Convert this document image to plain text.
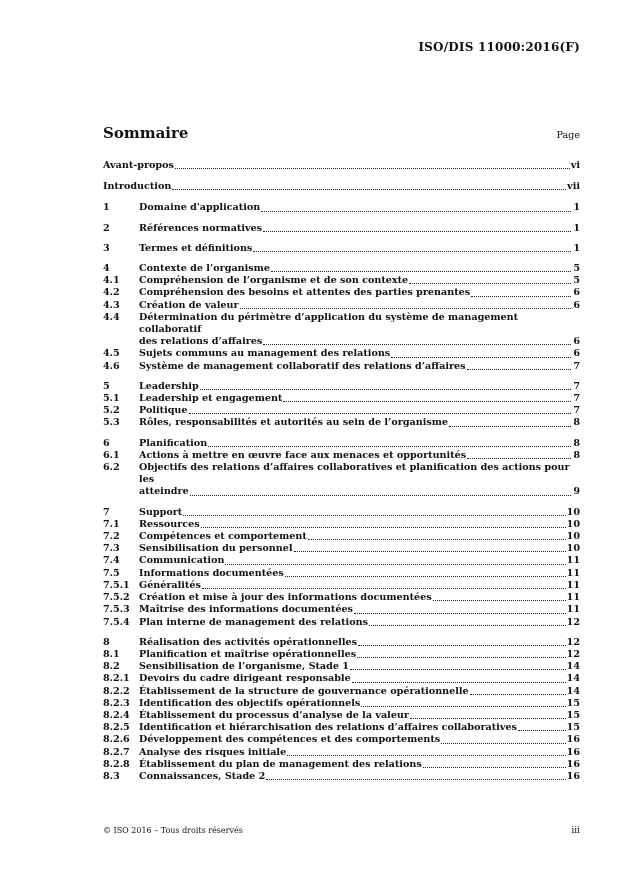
ISO/DIS 11000:2016(F)
Sommaire	Page
Avant-propos	vi
Introduction	vii
1	Domaine d'application	1
2	Références normatives	1
3	Termes et définitions	1
4	Contexte de l’organisme	5
4.1 Compréhension de l’organisme et de son contexte	5
4.2 Compréhension des besoins et attentes des parties prenantes	6
4.3 Création de valeur	6
4.4 Détermination du périmètre d’application du système de management collaboratif
des relations d’affaires	6
4.5 Sujets communs au management des relations	6
4.6 Système de management collaboratif des relations d’affaires	7
5	Leadership	7
5.1 Leadership et engagement	7
5.2 Politique	7
5.3 Rôles, responsabilités et autorités au sein de l’organisme	8
6	Planification	8
6.1 Actions à mettre en œuvre face aux menaces et opportunités	8
6.2 Objectifs des relations d’affaires collaboratives et planification des actions pour les
atteindre	9
7	Support	10
7.1 Ressources	10
7.2 Compétences et comportement	10
7.3 Sensibilisation du personnel	10
7.4 Communication	11
7.5 Informations documentées	11
7.5.1 Généralités	11
7.5.2 Création et mise à jour des informations documentées	11
7.5.3 Maîtrise des informations documentées	11
7.5.4 Plan interne de management des relations	12
8	Réalisation des activités opérationnelles	12
8.1 Planification et maîtrise opérationnelles	12
8.2 Sensibilisation de l’organisme, Stade 1	14
8.2.1 Devoirs du cadre dirigeant responsable	14
8.2.2 Établissement de la structure de gouvernance opérationnelle	14
8.2.3 Identification des objectifs opérationnels	15
8.2.4 Établissement du processus d’analyse de la valeur	15
8.2.5 Identification et hiérarchisation des relations d’affaires collaboratives	15
8.2.6 Développement des compétences et des comportements	16
8.2.7 Analyse des risques initiale	16
8.2.8 Établissement du plan de management des relations	16
8.3 Connaissances, Stade 2	16
© ISO 2016 – Tous droits réservés	iii
